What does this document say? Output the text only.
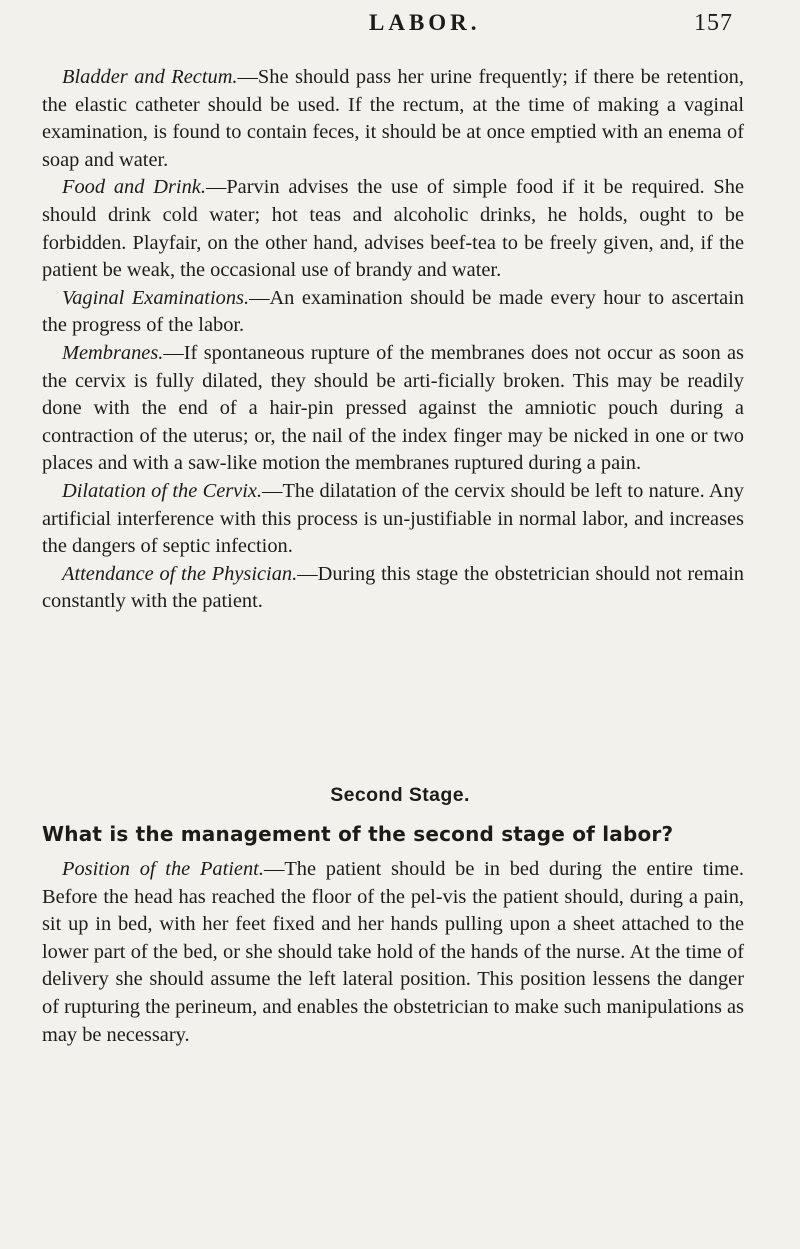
LABOR.	157

Bladder and Rectum.—She should pass her urine frequently; if there be retention, the elastic catheter should be used. If the rectum, at the time of making a vaginal examination, is found to contain feces, it should be at once emptied with an enema of soap and water.

Food and Drink.—Parvin advises the use of simple food if it be required. She should drink cold water; hot teas and alcoholic drinks, he holds, ought to be forbidden. Playfair, on the other hand, advises beef-tea to be freely given, and, if the patient be weak, the occasional use of brandy and water.

Vaginal Examinations.—An examination should be made every hour to ascertain the progress of the labor.

Membranes.—If spontaneous rupture of the membranes does not occur as soon as the cervix is fully dilated, they should be arti-ficially broken. This may be readily done with the end of a hair-pin pressed against the amniotic pouch during a contraction of the uterus; or, the nail of the index finger may be nicked in one or two places and with a saw-like motion the membranes ruptured during a pain.

Dilatation of the Cervix.—The dilatation of the cervix should be left to nature. Any artificial interference with this process is un-justifiable in normal labor, and increases the dangers of septic infection.

Attendance of the Physician.—During this stage the obstetrician should not remain constantly with the patient.

Second Stage.
What is the management of the second stage of labor?

Position of the Patient.—The patient should be in bed during the entire time. Before the head has reached the floor of the pel-vis the patient should, during a pain, sit up in bed, with her feet fixed and her hands pulling upon a sheet attached to the lower part of the bed, or she should take hold of the hands of the nurse. At the time of delivery she should assume the left lateral position. This position lessens the danger of rupturing the perineum, and enables the obstetrician to make such manipulations as may be necessary.
